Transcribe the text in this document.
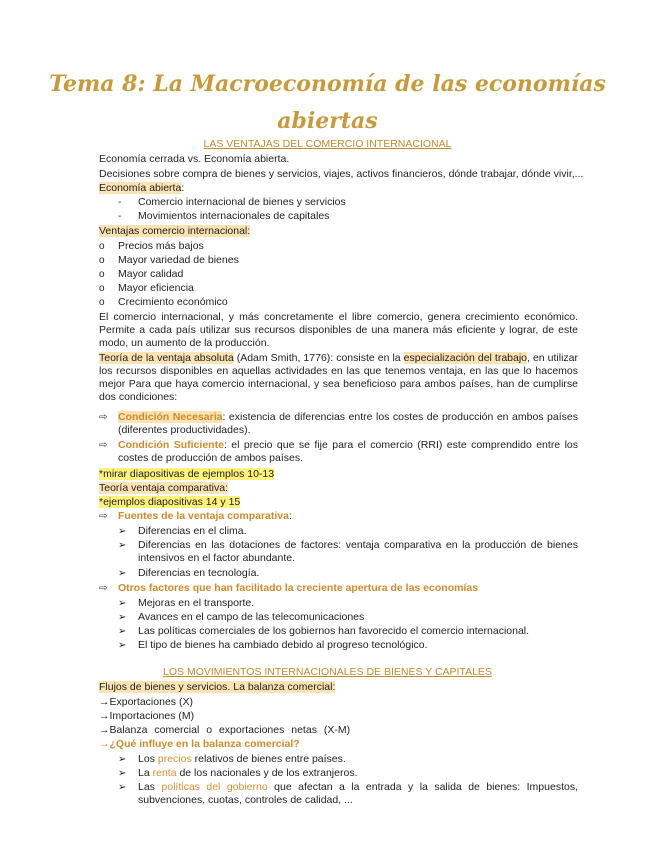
Tema 8: La Macroeconomía de las economías
abiertas
LAS VENTAJAS DEL COMERCIO INTERNACIONAL
Economía cerrada vs. Economía abierta.
Decisiones sobre compra de bienes y servicios, viajes, activos financieros, dónde trabajar, dónde vivir,...
Economía abierta:
- Comercio internacional de bienes y servicios
- Movimientos internacionales de capitales
Ventajas comercio internacional:
o Precios más bajos
o Mayor variedad de bienes
o Mayor calidad
o Mayor eficiencia
o Crecimiento económico
El comercio internacional, y más concretamente el libre comercio, genera crecimiento económico. Permite a cada país utilizar sus recursos disponibles de una manera más eficiente y lograr, de este modo, un aumento de la producción.
Teoría de la ventaja absoluta (Adam Smith, 1776): consiste en la especialización del trabajo, en utilizar los recursos disponibles en aquellas actividades en las que tenemos ventaja, en las que lo hacemos mejor Para que haya comercio internacional, y sea beneficioso para ambos países, han de cumplirse dos condiciones:
⇨ Condición Necesaria: existencia de diferencias entre los costes de producción en ambos países (diferentes productividades).
⇨ Condición Suficiente: el precio que se fije para el comercio (RRI) este comprendido entre los costes de producción de ambos países.
*mirar diapositivas de ejemplos 10-13
Teoría ventaja comparativa:
*ejemplos diapositivas 14 y 15
⇨ Fuentes de la ventaja comparativa:
➢ Diferencias en el clima.
➢ Diferencias en las dotaciones de factores: ventaja comparativa en la producción de bienes intensivos en el factor abundante.
➢ Diferencias en tecnología.
⇨ Otros factores que han facilitado la creciente apertura de las economías
➢ Mejoras en el transporte.
➢ Avances en el campo de las telecomunicaciones
➢ Las políticas comerciales de los gobiernos han favorecido el comercio internacional.
➢ El tipo de bienes ha cambiado debido al progreso tecnológico.
LOS MOVIMIENTOS INTERNACIONALES DE BIENES Y CAPITALES
Flujos de bienes y servicios. La balanza comercial:
→Exportaciones (X)
→Importaciones (M)
→Balanza comercial o exportaciones netas (X-M)
→¿Qué influye en la balanza comercial?
➢ Los precios relativos de bienes entre países.
➢ La renta de los nacionales y de los extranjeros.
➢ Las políticas del gobierno que afectan a la entrada y la salida de bienes: Impuestos, subvenciones, cuotas, controles de calidad, ...
